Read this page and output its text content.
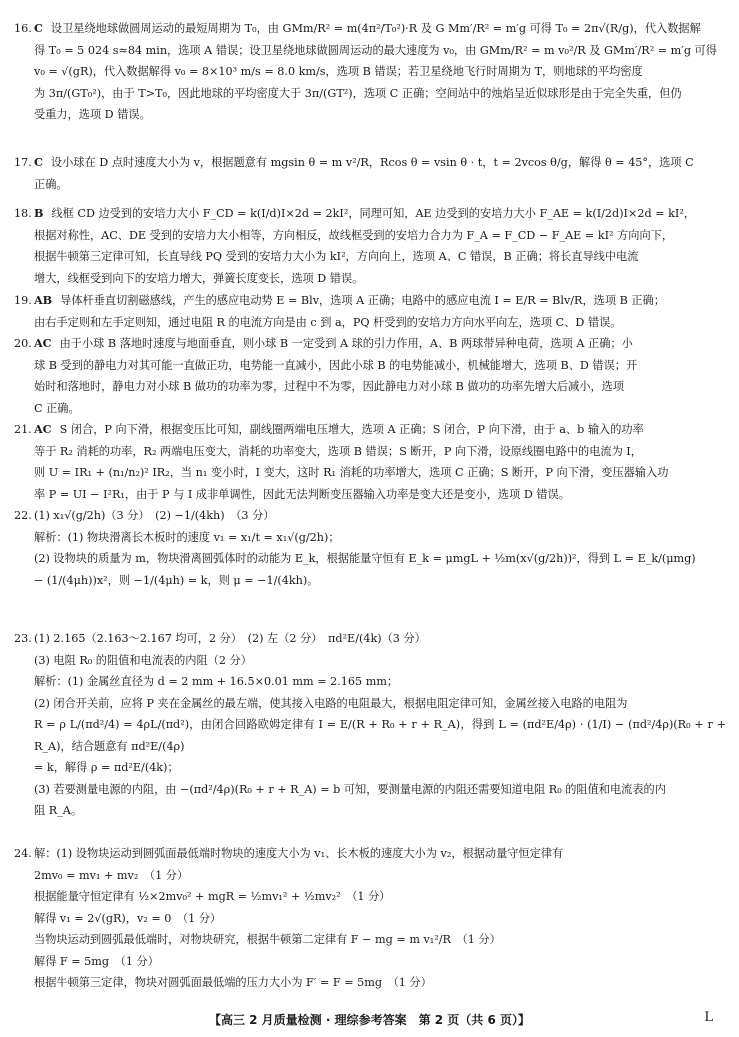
16. C 设卫星绕地球做圆周运动的最短周期为 T₀，由 GMm/R² = m(4π²/T₀²)·R 及 G Mm′/R² = m′g 可得 T₀ = 2π√(R/g)，代入数据解
得 T₀ = 5 024 s≈84 min，选项 A 错误；设卫星绕地球做圆周运动的最大速度为 v₀，由 GMm/R² = m v₀²/R 及 GMm′/R² = m′g 可得
v₀ = √(gR)，代入数据解得 v₀ = 8×10³ m/s = 8.0 km/s，选项 B 错误；若卫星绕地飞行时周期为 T，则地球的平均密度
为 3π/(GT₀²)，由于 T>T₀，因此地球的平均密度大于 3π/(GT²)，选项 C 正确；空间站中的烛焰呈近似球形是由于完全失重，但仍
受重力，选项 D 错误。
17. C 设小球在 D 点时速度大小为 v，根据题意有 mgsin θ = m v²/R，Rcos θ = vsin θ · t，t = 2vcos θ/g，解得 θ = 45°，选项 C
正确。
18. B 线框 CD 边受到的安培力大小 F_CD = k(I/d)I×2d = 2kI²，同理可知，AE 边受到的安培力大小 F_AE = k(I/2d)I×2d = kI²，
根据对称性，AC、DE 受到的安培力大小相等，方向相反，故线框受到的安培力合力为 F_A = F_CD − F_AE = kI² 方向向下，
根据牛顿第三定律可知，长直导线 PQ 受到的安培力大小为 kI²，方向向上，选项 A、C 错误，B 正确；将长直导线中电流
增大，线框受到向下的安培力增大，弹簧长度变长，选项 D 错误。
19. AB 导体杆垂直切割磁感线，产生的感应电动势 E = Blv，选项 A 正确；电路中的感应电流 I = E/R = Blv/R，选项 B 正确；
由右手定则和左手定则知，通过电阻 R 的电流方向是由 c 到 a，PQ 杆受到的安培力方向水平向左，选项 C、D 错误。
20. AC 由于小球 B 落地时速度与地面垂直，则小球 B 一定受到 A 球的引力作用，A、B 两球带异种电荷，选项 A 正确；小
球 B 受到的静电力对其可能一直做正功，电势能一直减小，因此小球 B 的电势能减小，机械能增大，选项 B、D 错误；开
始时和落地时，静电力对小球 B 做功的功率为零，过程中不为零，因此静电力对小球 B 做功的功率先增大后减小，选项
C 正确。
21. AC S 闭合，P 向下滑，根据变压比可知，副线圈两端电压增大，选项 A 正确；S 闭合，P 向下滑，由于 a、b 输入的功率
等于 R₂ 消耗的功率，R₂ 两端电压变大，消耗的功率变大，选项 B 错误；S 断开，P 向下滑，设原线圈电路中的电流为 I，
则 U = IR₁ + (n₁/n₂)² IR₂，当 n₁ 变小时，I 变大，这时 R₁ 消耗的功率增大，选项 C 正确；S 断开，P 向下滑，变压器输入功
率 P = UI − I²R₁，由于 P 与 I 成非单调性，因此无法判断变压器输入功率是变大还是变小，选项 D 错误。
22. (1) x₁√(g/2h)（3 分）　(2) −1/(4kh)　（3 分）
解析：(1) 物块滑离长木板时的速度 v₁ = x₁/t = x₁√(g/2h)；
(2) 设物块的质量为 m，物块滑离圆弧体时的动能为 E_k，根据能量守恒有 E_k = μmgL + ½m(x√(g/2h))²，得到 L = E_k/(μmg)
− (1/(4μh))x²，则 −1/(4μh) = k，则 μ = −1/(4kh)。
23. (1) 2.165（2.163～2.167 均可，2 分）　(2) 左（2 分）　πd²E/(4k)（3 分）
(3) 电阻 R₀ 的阻值和电流表的内阻（2 分）
解析：(1) 金属丝直径为 d = 2 mm + 16.5×0.01 mm = 2.165 mm；
(2) 闭合开关前，应将 P 夹在金属丝的最左端，使其接入电路的电阻最大，根据电阻定律可知，金属丝接入电路的电阻为
R = ρ L/(πd²/4) = 4ρL/(πd²)，由闭合回路欧姆定律有 I = E/(R + R₀ + r + R_A)，得到 L = (πd²E/4ρ) · (1/I) − (πd²/4ρ)(R₀ + r + R_A)，结合题意有 πd²E/(4ρ)
= k，解得 ρ = πd²E/(4k)；
(3) 若要测量电源的内阻，由 −(πd²/4ρ)(R₀ + r + R_A) = b 可知，要测量电源的内阻还需要知道电阻 R₀ 的阻值和电流表的内
阻 R_A。
24. 解：(1) 设物块运动到圆弧面最低端时物块的速度大小为 v₁、长木板的速度大小为 v₂，根据动量守恒定律有
2mv₀ = mv₁ + mv₂　（1 分）
根据能量守恒定律有 ½×2mv₀² + mgR = ½mv₁² + ½mv₂²　（1 分）
解得 v₁ = 2√(gR)，v₂ = 0　（1 分）
当物块运动到圆弧最低端时，对物块研究，根据牛顿第二定律有 F − mg = m v₁²/R　（1 分）
解得 F = 5mg　（1 分）
根据牛顿第三定律，物块对圆弧面最低端的压力大小为 F′ = F = 5mg　（1 分）
【高三 2 月质量检测 · 理综参考答案　第 2 页（共 6 页）】	L
